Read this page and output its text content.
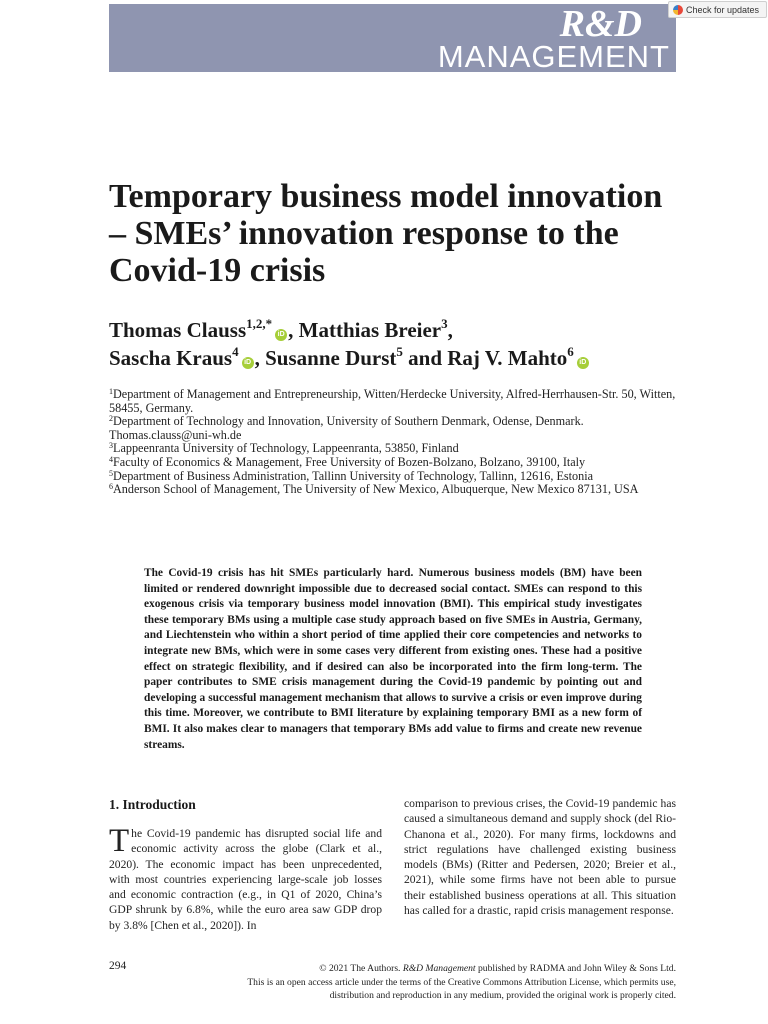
R&D
MANAGEMENT
Check for updates
Temporary business model innovation – SMEs’ innovation response to the Covid-19 crisis
Thomas Clauss$^{1,2,*}$iD , Matthias Breier$^3$,
Sascha Kraus$^4$iD , Susanne Durst$^5$ and Raj V. Mahto$^6$iD
$^1$Department of Management and Entrepreneurship, Witten/Herdecke University, Alfred-Herrhausen-Str. 50, Witten, 58455, Germany.
$^2$Department of Technology and Innovation, University of Southern Denmark, Odense, Denmark. Thomas.clauss@uni-wh.de
$^3$Lappeenranta University of Technology, Lappeenranta, 53850, Finland
$^4$Faculty of Economics & Management, Free University of Bozen-Bolzano, Bolzano, 39100, Italy
$^5$Department of Business Administration, Tallinn University of Technology, Tallinn, 12616, Estonia
$^6$Anderson School of Management, The University of New Mexico, Albuquerque, New Mexico 87131, USA
The Covid-19 crisis has hit SMEs particularly hard. Numerous business models (BM) have been limited or rendered downright impossible due to decreased social contact. SMEs can respond to this exogenous crisis via temporary business model innovation (BMI). This empirical study investigates these temporary BMs using a multiple case study approach based on five SMEs in Austria, Germany, and Liechtenstein who within a short period of time applied their core competencies and networks to integrate new BMs, which were in some cases very different from existing ones. These had a positive effect on strategic flexibility, and if desired can also be incorporated into the firm long-term. The paper contributes to SME crisis management during the Covid-19 pandemic by pointing out and developing a successful management mechanism that allows to survive a crisis or even improve during this time. Moreover, we contribute to BMI literature by explaining temporary BMI as a new form of BMI. It also makes clear to managers that temporary BMs add value to firms and create new revenue streams.
1. Introduction
The Covid-19 pandemic has disrupted social life and economic activity across the globe (Clark et al., 2020). The economic impact has been unprecedented, with most countries experiencing large-scale job losses and economic contraction (e.g., in Q1 of 2020, China’s GDP shrunk by 6.8%, while the euro area saw GDP drop by 3.8% [Chen et al., 2020]). In
comparison to previous crises, the Covid-19 pandemic has caused a simultaneous demand and supply shock (del Rio-Chanona et al., 2020). For many firms, lockdowns and strict regulations have challenged existing business models (BMs) (Ritter and Pedersen, 2020; Breier et al., 2021), while some firms have not been able to pursue their established business operations at all. This situation has called for a drastic, rapid crisis management response.
294	© 2021 The Authors. R&D Management published by RADMA and John Wiley & Sons Ltd.
This is an open access article under the terms of the Creative Commons Attribution License, which permits use,
distribution and reproduction in any medium, provided the original work is properly cited.
